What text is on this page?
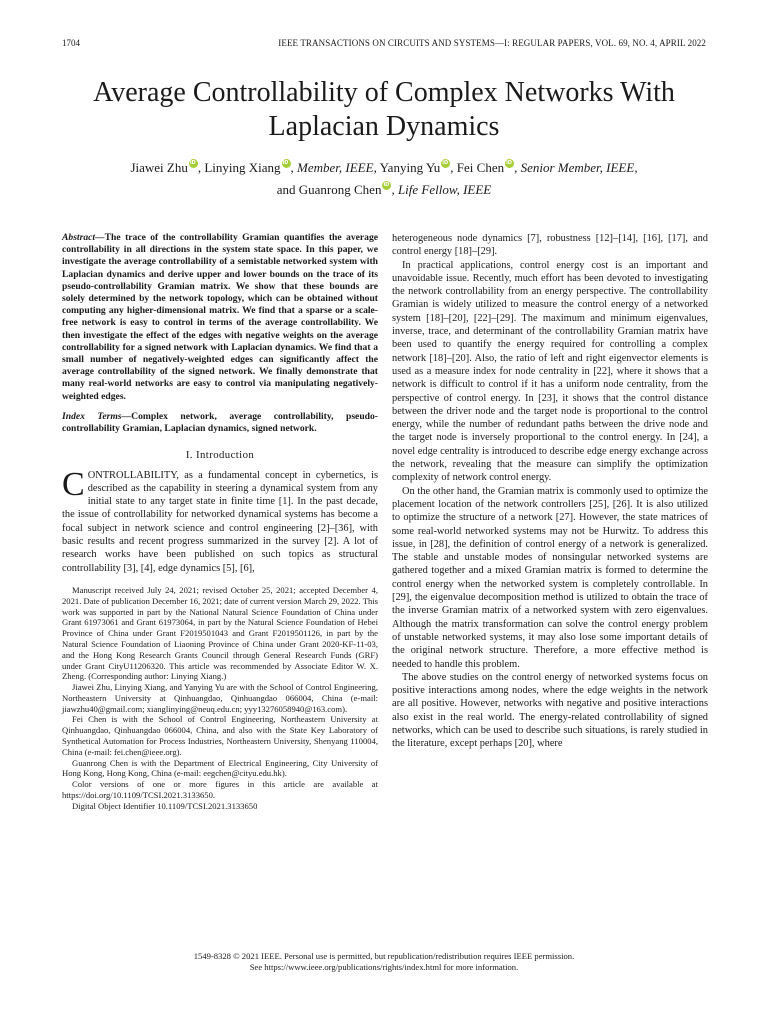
1704	IEEE TRANSACTIONS ON CIRCUITS AND SYSTEMS—I: REGULAR PAPERS, VOL. 69, NO. 4, APRIL 2022
Average Controllability of Complex Networks With
Laplacian Dynamics
Jiawei Zhu iD , Linying Xiang iD , Member, IEEE, Yanying Yu iD , Fei Chen iD , Senior Member, IEEE,
and Guanrong Chen iD , Life Fellow, IEEE
Abstract—The trace of the controllability Gramian quantifies the average controllability in all directions in the system state space. In this paper, we investigate the average controllability of a semistable networked system with Laplacian dynamics and derive upper and lower bounds on the trace of its pseudo-controllability Gramian matrix. We show that these bounds are solely determined by the network topology, which can be obtained without computing any higher-dimensional matrix. We find that a sparse or a scale-free network is easy to control in terms of the average controllability. We then investigate the effect of the edges with negative weights on the average controllability for a signed network with Laplacian dynamics. We find that a small number of negatively-weighted edges can significantly affect the average controllability of the signed network. We finally demonstrate that many real-world networks are easy to control via manipulating negatively-weighted edges.
Index Terms—Complex network, average controllability, pseudo-controllability Gramian, Laplacian dynamics, signed network.
I. Introduction
CONTROLLABILITY, as a fundamental concept in cybernetics, is described as the capability in steering a dynamical system from any initial state to any target state in finite time [1]. In the past decade, the issue of controllability for networked dynamical systems has become a focal subject in network science and control engineering [2]–[36], with basic results and recent progress summarized in the survey [2]. A lot of research works have been published on such topics as structural controllability [3], [4], edge dynamics [5], [6],

Manuscript received July 24, 2021; revised October 25, 2021; accepted December 4, 2021. Date of publication December 16, 2021; date of current version March 29, 2022. This work was supported in part by the National Natural Science Foundation of China under Grant 61973061 and Grant 61973064, in part by the Natural Science Foundation of Hebei Province of China under Grant F2019501043 and Grant F2019501126, in part by the Natural Science Foundation of Liaoning Province of China under Grant 2020-KF-11-03, and the Hong Kong Research Grants Council through General Research Funds (GRF) under Grant CityU11206320. This article was recommended by Associate Editor W. X. Zheng. (Corresponding author: Linying Xiang.)

Jiawei Zhu, Linying Xiang, and Yanying Yu are with the School of Control Engineering, Northeastern University at Qinhuangdao, Qinhuangdao 066004, China (e-mail: jiawzhu40@gmail.com; xianglinying@neuq.edu.cn; yyy13276058940@163.com).

Fei Chen is with the School of Control Engineering, Northeastern University at Qinhuangdao, Qinhuangdao 066004, China, and also with the State Key Laboratory of Synthetical Automation for Process Industries, Northeastern University, Shenyang 110004, China (e-mail: fei.chen@ieee.org).

Guanrong Chen is with the Department of Electrical Engineering, City University of Hong Kong, Hong Kong, China (e-mail: eegchen@cityu.edu.hk).

Color versions of one or more figures in this article are available at https://doi.org/10.1109/TCSI.2021.3133650.

Digital Object Identifier 10.1109/TCSI.2021.3133650

heterogeneous node dynamics [7], robustness [12]–[14], [16], [17], and control energy [18]–[29].

In practical applications, control energy cost is an important and unavoidable issue. Recently, much effort has been devoted to investigating the network controllability from an energy perspective. The controllability Gramian is widely utilized to measure the control energy of a networked system [18]–[20], [22]–[29]. The maximum and minimum eigenvalues, inverse, trace, and determinant of the controllability Gramian matrix have been used to quantify the energy required for controlling a complex network [18]–[20]. Also, the ratio of left and right eigenvector elements is used as a measure index for node centrality in [22], where it shows that a network is difficult to control if it has a uniform node centrality, from the perspective of control energy. In [23], it shows that the control distance between the driver node and the target node is proportional to the control energy, while the number of redundant paths between the drive node and the target node is inversely proportional to the control energy. In [24], a novel edge centrality is introduced to describe edge energy exchange across the network, revealing that the measure can simplify the optimization complexity of network control energy.

On the other hand, the Gramian matrix is commonly used to optimize the placement location of the network controllers [25], [26]. It is also utilized to optimize the structure of a network [27]. However, the state matrices of some real-world networked systems may not be Hurwitz. To address this issue, in [28], the definition of control energy of a network is generalized. The stable and unstable modes of nonsingular networked systems are gathered together and a mixed Gramian matrix is formed to determine the control energy when the networked system is completely controllable. In [29], the eigenvalue decomposition method is utilized to obtain the trace of the inverse Gramian matrix of a networked system with zero eigenvalues. Although the matrix transformation can solve the control energy problem of unstable networked systems, it may also lose some important details of the original network structure. Therefore, a more effective method is needed to handle this problem.

The above studies on the control energy of networked systems focus on positive interactions among nodes, where the edge weights in the network are all positive. However, networks with negative and positive interactions also exist in the real world. The energy-related controllability of signed networks, which can be used to describe such situations, is rarely studied in the literature, except perhaps [20], where

1549-8328 © 2021 IEEE. Personal use is permitted, but republication/redistribution requires IEEE permission.
See https://www.ieee.org/publications/rights/index.html for more information.
